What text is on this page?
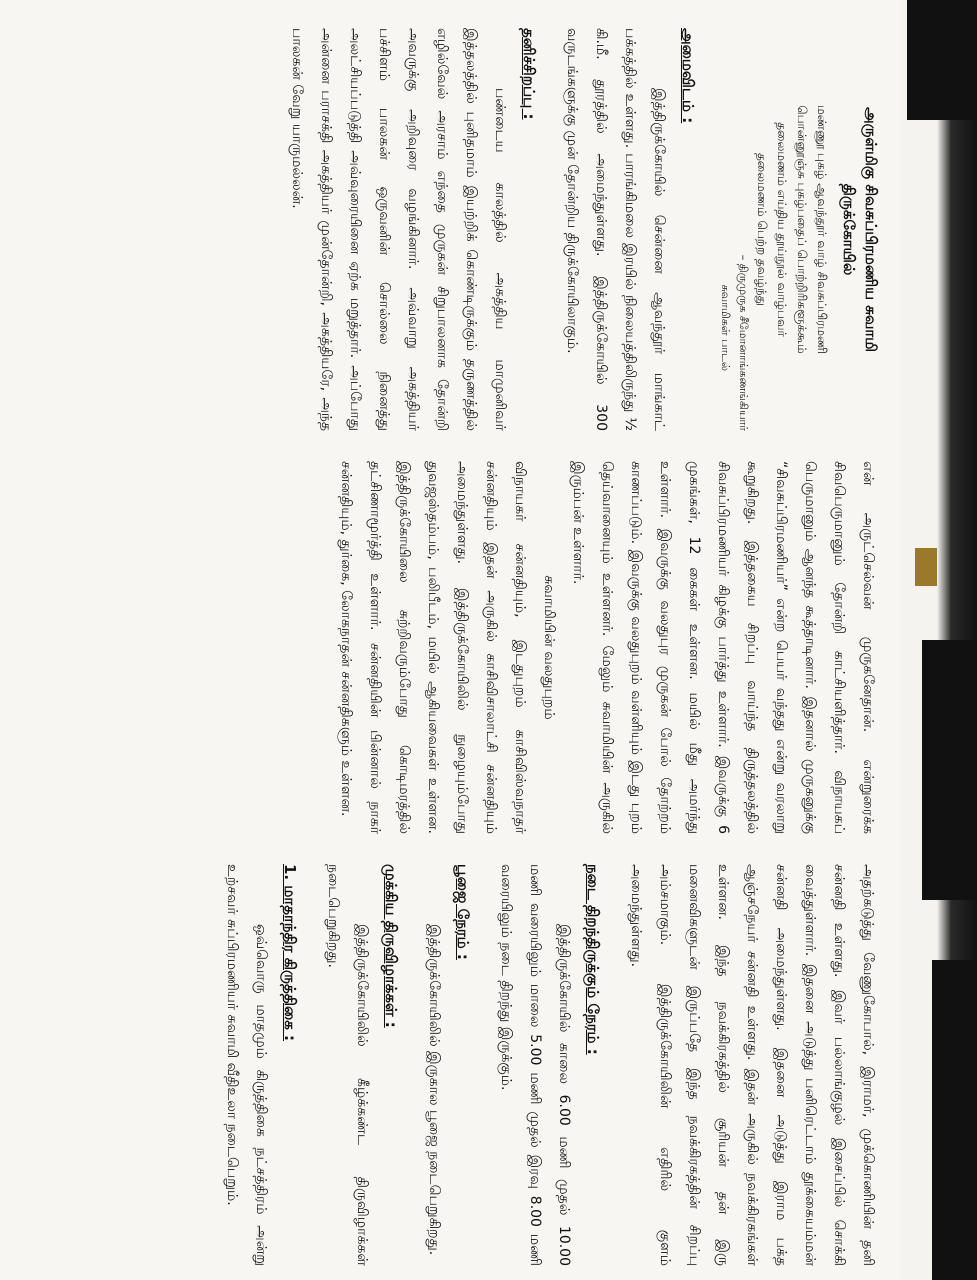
அருள்மிகு சிவசுப்பிரமணிய சுவாமி
திருக்கோயில்
மண்ணூ புகழ் ஆவந்தூர் வாழ் சிவசுப்பிரமணி
பொன்னூஞ்சு புகழ்பதைப் பொற்றிரிகளூக்கூம்
தலைமணம் எய்திய தூய்நூல் வாழ்பவர்
தலைமணம் பெற்ற தவழ்ந்து
– திருமுருக சீமோனாங்கணங்கியார்
சுவாமிகள் பாடல்
அமைவிடம் :
இத்திருக்கோயில் சென்னை ஆவந்தூர் மாங்காட் பக்கத்தில் உள்ளது. பாரங்கிமலை இரயில் நிலையத்திலிருந்து ½ கி.மீ. தூரத்தில் அமைந்துள்ளது. இத்திருக்கோயில் 300 வருடங்களுக்கு முன் தோன்றிய திருக்கோயிலாகும்.
தனிச்சிறப்பு :
பண்டைய காலத்தில் அகத்திய மாமுனிவர் இத்தலத்தில் புனிதமாம் இயற்றிக் கொண்டிருக்கும் தருணத்தில் எழில்வேல் அரசாம் எந்தை முருகன் சிறுபாலனாக தோன்றி அவருக்கு அறிவுரை வழங்கினார். அவ்வாறு அகத்தியர் பச்சிளம் பாலகன் ஒருவனின் சொல்லை நினைத்து அலட்சியப்படுத்தி அவ்வுரையினை ஏற்க மறுத்தார். அப்போது அன்னை பராசக்தி அகத்தியர் முன்தோன்றி, அகத்தியரே, அந்த பாலகன் வேறு யாருமல்லன்.
என் அருட்செல்வன் முருகனேதான். என்றுரைக்க சிவபெருமானும் தோன்றி காட்சியளித்தார். விநாயகப் பெருமானும் ஆனந்த கூத்தாடினார். இதனால் முருகனுக்கு “சிவசுப்பிரமணியர்” என்ற பெயர் வந்தது என்று வரலாறு கூறுகிறது. இத்தகைய சிறப்பு வாய்ந்த திருத்தலத்தில் சிவசுப்பிரமணியர் கிழக்கு பார்த்து உள்ளார். இவருக்கு 6 முகங்கள், 12 கைகள் உள்ளன. மயில் மீது அமர்ந்து உள்ளார். இவருக்கு வலதுபுர முருகன் போல் தோற்றம் காணப்படும். இவருக்கு வலதுபுறம் வள்ளியும் இடது புறம் தெய்வானையும் உள்ளனர். மேலும் சுவாமியின் அருகில் இரும்பன் உள்ளார்.
சுவாமியின் வலதுபுறம்
விநாயகர் சன்னதியும், இடதுபுறம் காசிவிஸ்வநாதர் சன்னதியும் இதன் அருகில் காசிவிசாலாட்சி சன்னதியும் அமைந்துள்ளது. இத்திருக்கோயிலில் நுழையும்போது துவஜஸ்தம்பம், பலிபீடம், மயில் ஆகியவைகள் உள்ளன. இத்திருக்கோயிலை சுற்றிவரும்போது கொடிமரத்தில் தட்சிணாமூர்த்தி உள்ளார். சன்னதியின் பின்னால் நாகர் சன்னதியும், துர்கை, லோகநாதன் சன்னதிகளும் உள்ளன.
அதற்கடுத்து வேணுகோபால், இராமர், முக்கொணியின் தனி சன்னதி உள்ளது. இவர் பல்லாங்குழல் இசைப்பில் சொக்கி வைத்துள்ளார். இதனை அடுத்து பனிரெட்டாம் தூக்கையம்மன் சன்னதி அமைந்துள்ளது. இதனை அடுத்து இராம பக்த ஆஞ்சநேயர் சன்னதி உள்ளது. இதன் அருகில் நவக்கிரகங்கள் உள்ளன. இந்த நவக்கிரகத்தில் சூரியன் தன் இரு மனைவிகளுடன் இருப்பதே இந்த நவக்கிரகத்தின் சிறப்பு அம்சமாகும். இத்திருக்கோயிலின் எதிரில் குளம் அமைந்துள்ளது.
நடை திறந்திருக்கும் நேரம் :
இத்திருக்கோயில் காலை 6.00 மணி முதல் 10.00 மணி வரையிலும் மாலை 5.00 மணி முதல் இரவு 8.00 மணி வரையிலும் நடை திறந்து இருக்கும்.
பூஜை நேரம் :
இத்திருக்கோயிலில் இருகால பூஜை நடைபெறுகிறது.
முக்கிய திருவிழாக்கள் :
இத்திருக்கோயிலில் கீழ்க்கண்ட திருவிழாக்கள் நடைபெறுகிறது.
1. மாதாந்திர கிருத்திகை :
ஒவ்வொரு மாதமும் கிருத்திகை நட்சத்திரம் அன்று உற்சவர் சுப்பிரமணியர் சுவாமி வீதிஉலா நடைபெறும்.
